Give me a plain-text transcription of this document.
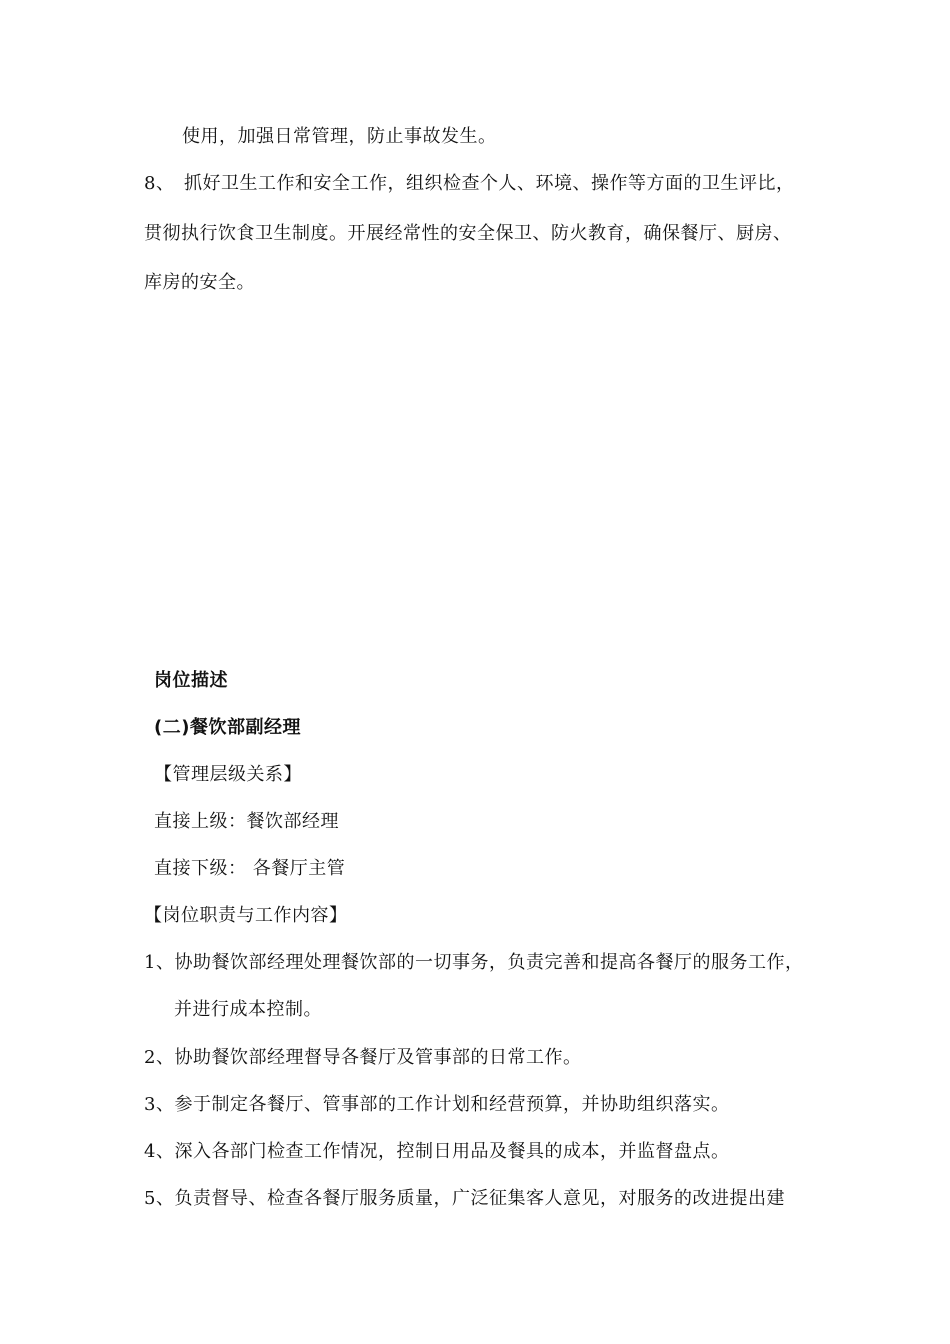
使用，加强日常管理，防止事故发生。
8、 抓好卫生工作和安全工作，组织检查个人、环境、操作等方面的卫生评比，
贯彻执行饮食卫生制度。开展经常性的安全保卫、防火教育，确保餐厅、厨房、
库房的安全。
岗位描述
(二)餐饮部副经理
【管理层级关系】
直接上级：餐饮部经理
直接下级： 各餐厅主管
【岗位职责与工作内容】
1、协助餐饮部经理处理餐饮部的一切事务，负责完善和提高各餐厅的服务工作，
并进行成本控制。
2、协助餐饮部经理督导各餐厅及管事部的日常工作。
3、参于制定各餐厅、管事部的工作计划和经营预算，并协助组织落实。
4、深入各部门检查工作情况，控制日用品及餐具的成本，并监督盘点。
5、负责督导、检查各餐厅服务质量，广泛征集客人意见，对服务的改进提出建
